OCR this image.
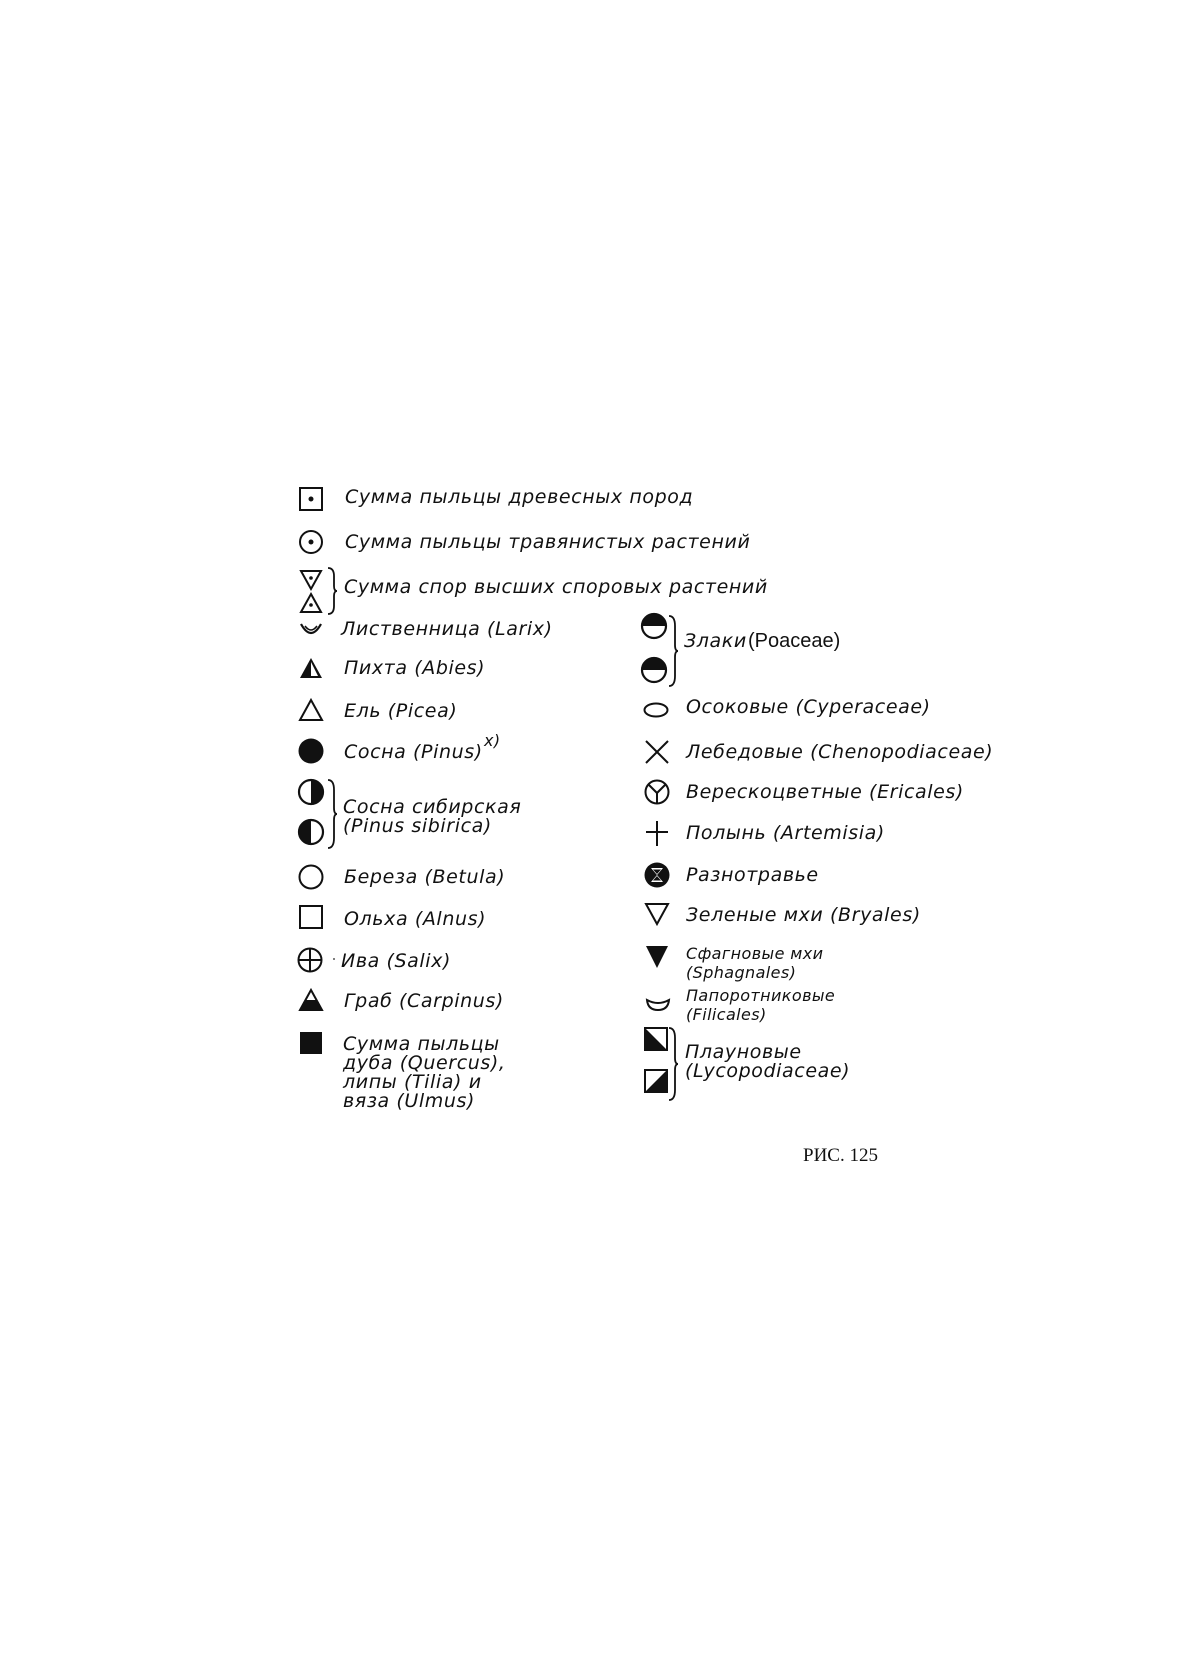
Сумма пыльцы древесных пород
Сумма пыльцы травянистых растений
Сумма спор высших споровых растений
Лиственница (Larix)
Пихта (Abies)
Ель (Picea)
Сосна (Pinus)
х)
Сосна сибирская
(Pinus sibirica)
Береза (Betula)
Ольха (Alnus)
Ива (Salix)
Граб (Carpinus)
Сумма пыльцы
дуба (Quercus),
липы (Tilia) и
вяза (Ulmus)
Злаки (Poaceae)
Осоковые (Cyperaceae)
Лебедовые (Chenopodiaceae)
Верескоцветные (Ericales)
Полынь (Artemisia)
Разнотравье
Зеленые мхи (Bryales)
Сфагновые мхи
(Sphagnales)
Папоротниковые
(Filicales)
Плауновые
(Lycopodiaceae)
РИС. 125
